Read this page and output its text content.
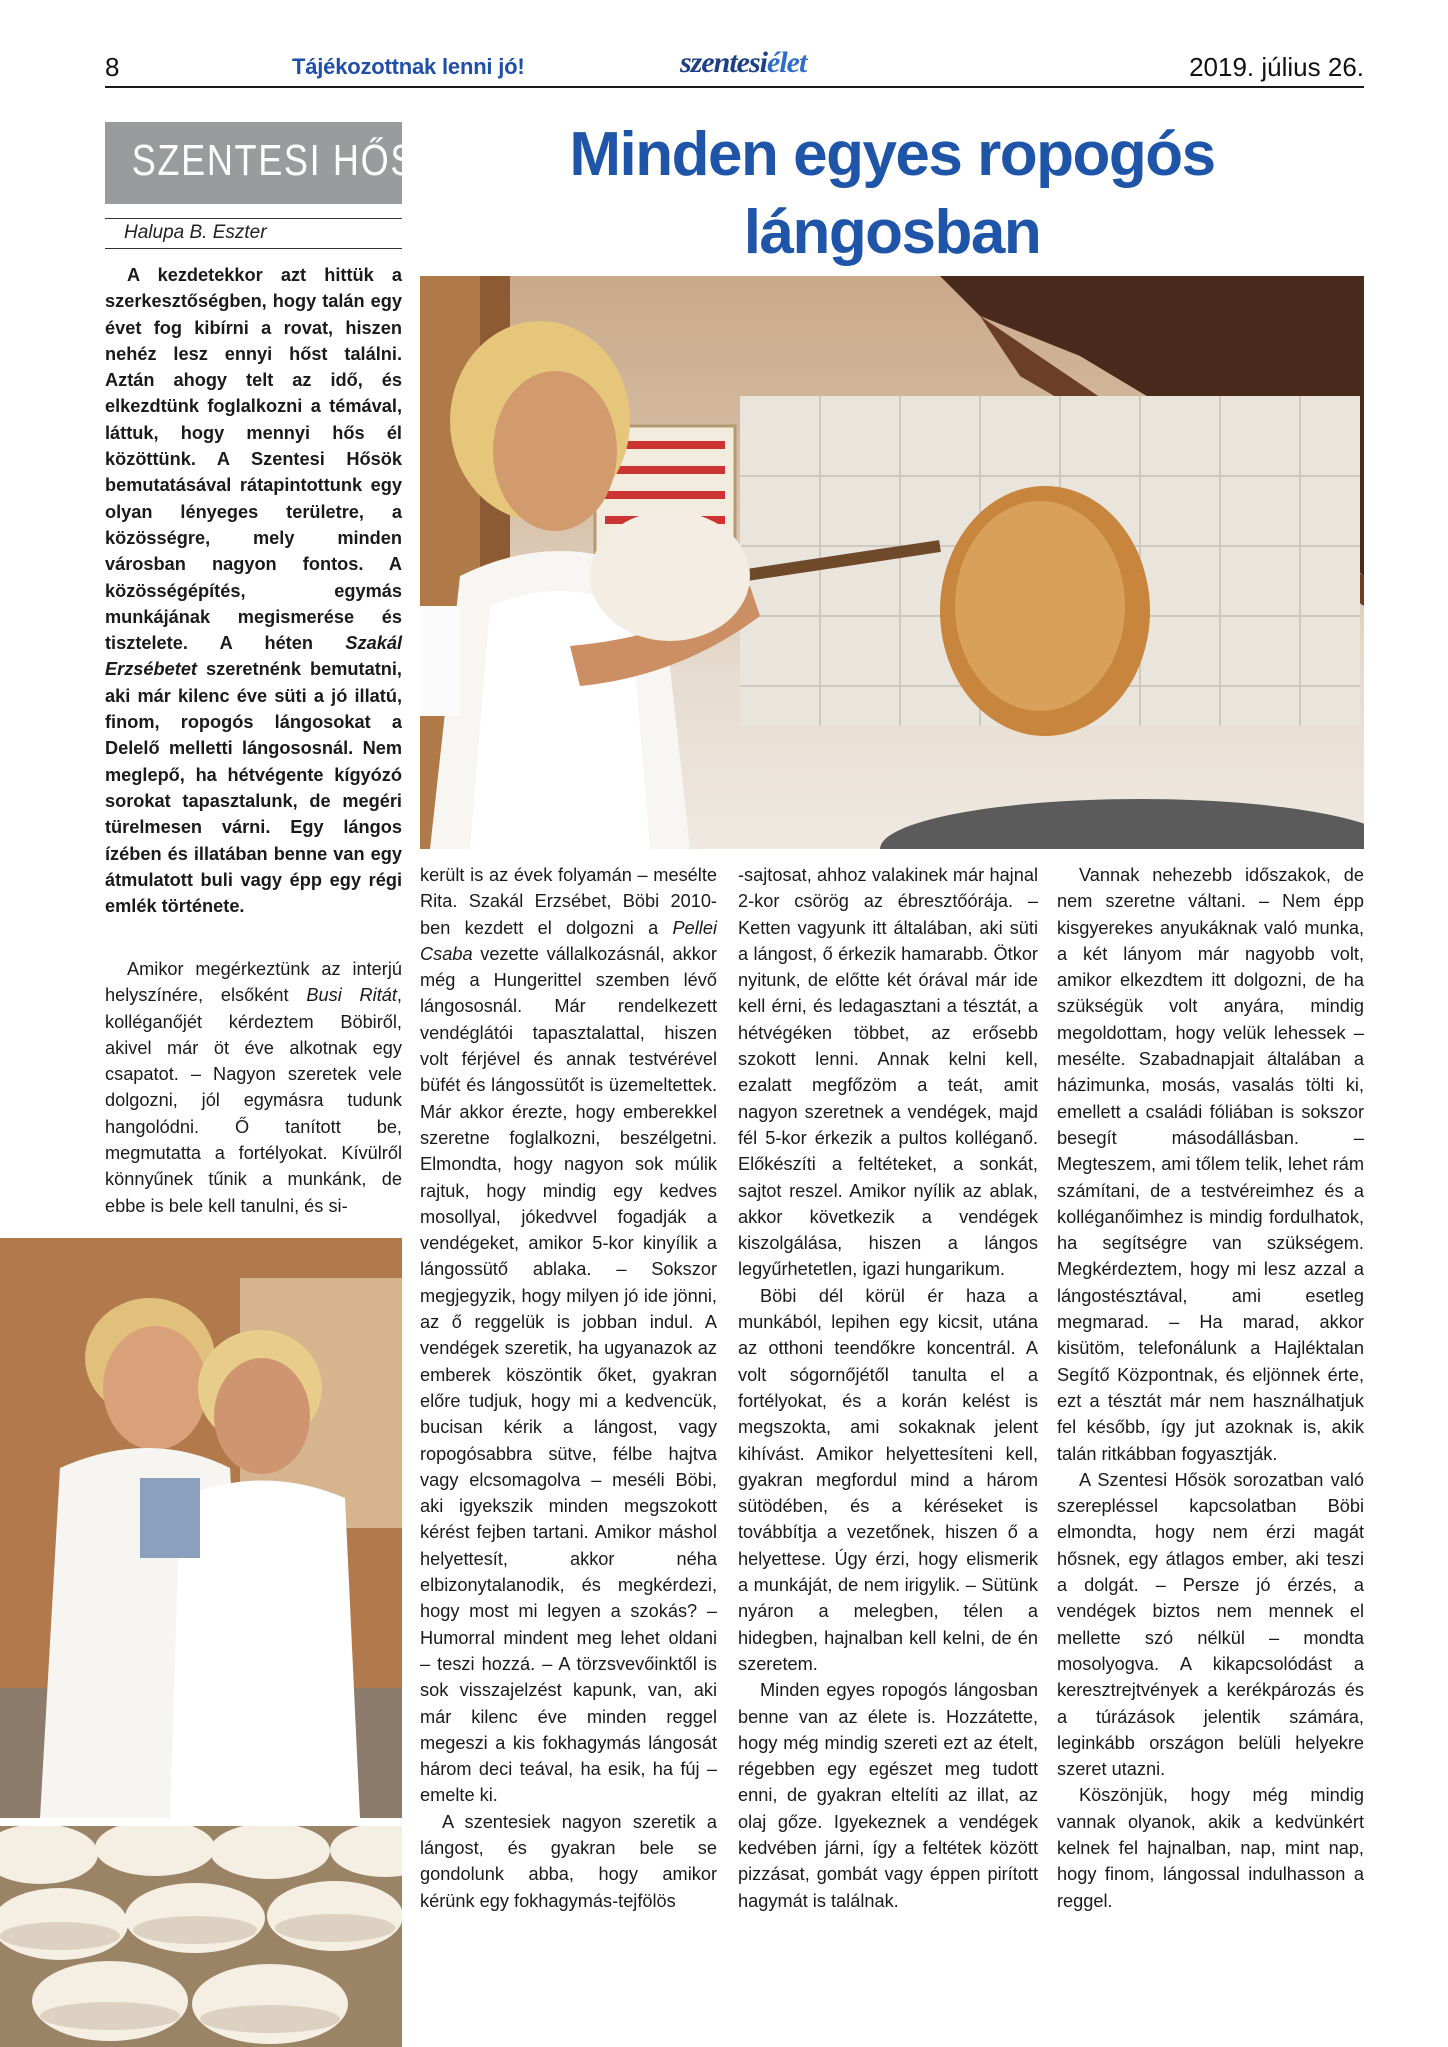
8	Tájékozottnak lenni jó!	szentesiélet	2019. július 26.
SZENTESI HŐSÖK
Halupa B. Eszter
Minden egyes ropogós lángosban

A kezdetekkor azt hittük a szerkesztőségben, hogy talán egy évet fog kibírni a rovat, hiszen nehéz lesz ennyi hőst találni. Aztán ahogy telt az idő, és elkezdtünk foglalkozni a témával, láttuk, hogy mennyi hős él közöttünk. A Szentesi Hősök bemutatásával rátapintottunk egy olyan lényeges területre, a közösségre, mely minden városban nagyon fontos. A közösségépítés, egymás munkájának megismerése és tisztelete. A héten Szakál Erzsébetet szeretnénk bemutatni, aki már kilenc éve süti a jó illatú, finom, ropogós lángosokat a Delelő melletti lángososnál. Nem meglepő, ha hétvégente kígyózó sorokat tapasztalunk, de megéri türelmesen várni. Egy lángos ízében és illatában benne van egy átmulatott buli vagy épp egy régi emlék története.

Amikor megérkeztünk az interjú helyszínére, elsőként Busi Ritát, kolléganőjét kérdeztem Böbiről, akivel már öt éve alkotnak egy csapatot. – Nagyon szeretek vele dolgozni, jól egymásra tudunk hangolódni. Ő tanított be, megmutatta a fortélyokat. Kívülről könnyűnek tűnik a munkánk, de ebbe is bele kell tanulni, és si-

került is az évek folyamán – mesélte Rita. Szakál Erzsébet, Böbi 2010-ben kezdett el dolgozni a Pellei Csaba vezette vállalkozásnál, akkor még a Hungerittel szemben lévő lángososnál. Már rendelkezett vendéglátói tapasztalattal, hiszen volt férjével és annak testvérével büfét és lángossütőt is üzemeltettek. Már akkor érezte, hogy emberekkel szeretne foglalkozni, beszélgetni. Elmondta, hogy nagyon sok múlik rajtuk, hogy mindig egy kedves mosollyal, jókedvvel fogadják a vendégeket, amikor 5-kor kinyílik a lángossütő ablaka. – Sokszor megjegyzik, hogy milyen jó ide jönni, az ő reggelük is jobban indul. A vendégek szeretik, ha ugyanazok az emberek köszöntik őket, gyakran előre tudjuk, hogy mi a kedvencük, bucisan kérik a lángost, vagy ropogósabbra sütve, félbe hajtva vagy elcsomagolva – meséli Böbi, aki igyekszik minden megszokott kérést fejben tartani. Amikor máshol helyettesít, akkor néha elbizonytalanodik, és megkérdezi, hogy most mi legyen a szokás? – Humorral mindent meg lehet oldani – teszi hozzá. – A törzsvevőinktől is sok visszajelzést kapunk, van, aki már kilenc éve minden reggel megeszi a kis fokhagymás lángosát három deci teával, ha esik, ha fúj – emelte ki.

A szentesiek nagyon szeretik a lángost, és gyakran bele se gondolunk abba, hogy amikor kérünk egy fokhagymás-tejfölös

-sajtosat, ahhoz valakinek már hajnal 2-kor csörög az ébresztőórája. – Ketten vagyunk itt általában, aki süti a lángost, ő érkezik hamarabb. Ötkor nyitunk, de előtte két órával már ide kell érni, és ledagasztani a tésztát, a hétvégéken többet, az erősebb szokott lenni. Annak kelni kell, ezalatt megfőzöm a teát, amit nagyon szeretnek a vendégek, majd fél 5-kor érkezik a pultos kolléganő. Előkészíti a feltéteket, a sonkát, sajtot reszel. Amikor nyílik az ablak, akkor következik a vendégek kiszolgálása, hiszen a lángos legyűrhetetlen, igazi hungarikum.

Böbi dél körül ér haza a munkából, lepihen egy kicsit, utána az otthoni teendőkre koncentrál. A volt sógornőjétől tanulta el a fortélyokat, és a korán kelést is megszokta, ami sokaknak jelent kihívást. Amikor helyettesíteni kell, gyakran megfordul mind a három sütödében, és a kéréseket is továbbítja a vezetőnek, hiszen ő a helyettese. Úgy érzi, hogy elismerik a munkáját, de nem irigylik. – Sütünk nyáron a melegben, télen a hidegben, hajnalban kell kelni, de én szeretem.

Minden egyes ropogós lángosban benne van az élete is. Hozzátette, hogy még mindig szereti ezt az ételt, régebben egy egészet meg tudott enni, de gyakran eltelíti az illat, az olaj gőze. Igyekeznek a vendégek kedvében járni, így a feltétek között pizzásat, gombát vagy éppen pirított hagymát is találnak.

Vannak nehezebb időszakok, de nem szeretne váltani. – Nem épp kisgyerekes anyukáknak való munka, a két lányom már nagyobb volt, amikor elkezdtem itt dolgozni, de ha szükségük volt anyára, mindig megoldottam, hogy velük lehessek – mesélte. Szabadnapjait általában a házimunka, mosás, vasalás tölti ki, emellett a családi fóliában is sokszor besegít másodállásban. – Megteszem, ami tőlem telik, lehet rám számítani, de a testvéreimhez és a kolléganőimhez is mindig fordulhatok, ha segítségre van szükségem. Megkérdeztem, hogy mi lesz azzal a lángostésztával, ami esetleg megmarad. – Ha marad, akkor kisütöm, telefonálunk a Hajléktalan Segítő Központnak, és eljönnek érte, ezt a tésztát már nem használhatjuk fel később, így jut azoknak is, akik talán ritkábban fogyasztják.

A Szentesi Hősök sorozatban való szerepléssel kapcsolatban Böbi elmondta, hogy nem érzi magát hősnek, egy átlagos ember, aki teszi a dolgát. – Persze jó érzés, a vendégek biztos nem mennek el mellette szó nélkül – mondta mosolyogva. A kikapcsolódást a keresztrejtvények a kerékpározás és a túrázások jelentik számára, leginkább országon belüli helyekre szeret utazni.

Köszönjük, hogy még mindig vannak olyanok, akik a kedvünkért kelnek fel hajnalban, nap, mint nap, hogy finom, lángossal indulhasson a reggel.
